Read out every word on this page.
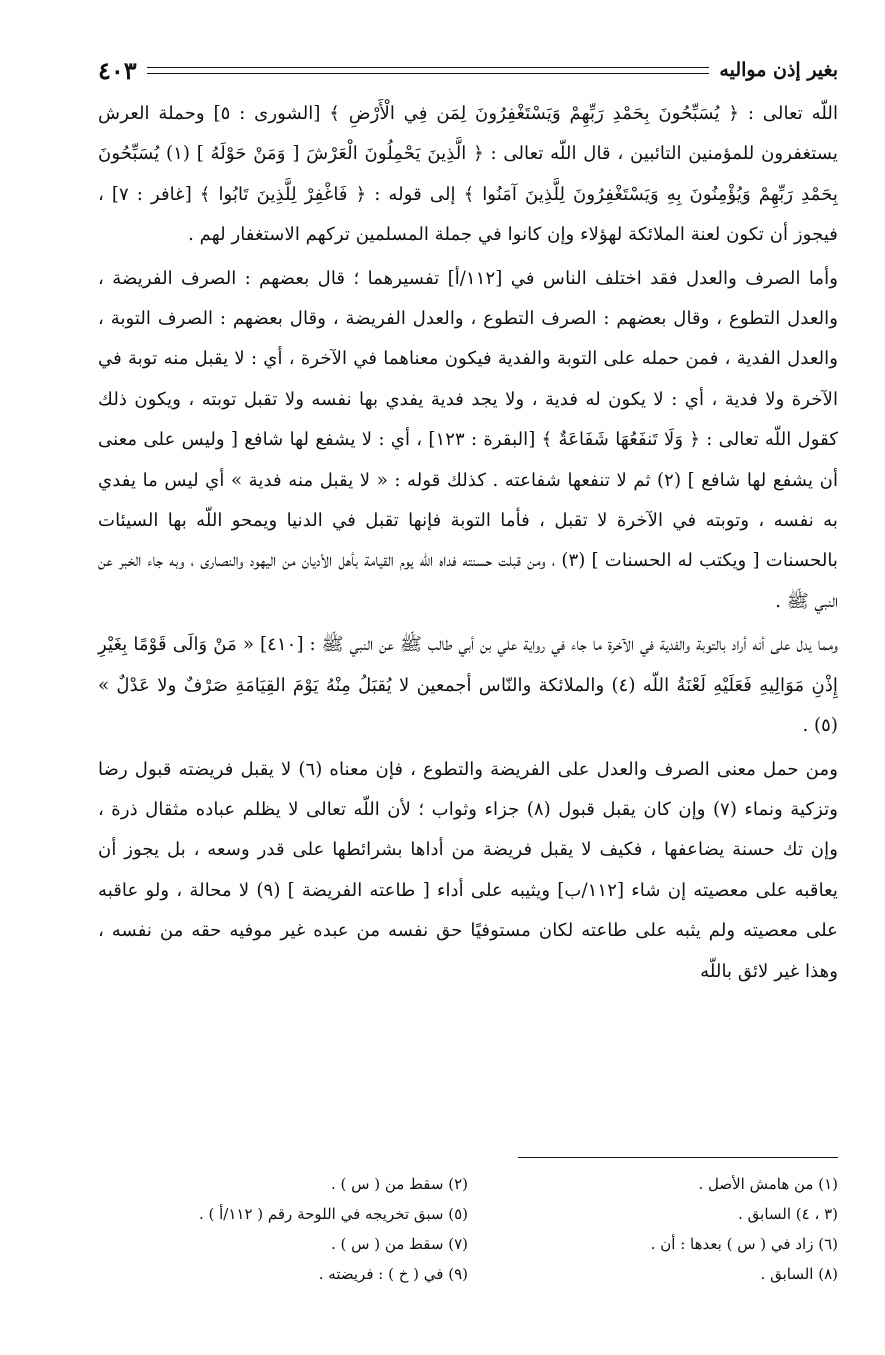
بغير إذن مواليه
٤٠٣

اللّه تعالى : ﴿ يُسَبِّحُونَ بِحَمْدِ رَبِّهِمْ وَيَسْتَغْفِرُونَ لِمَن فِي الْأَرْضِ ﴾ [الشورى : ٥] وحملة العرش يستغفرون للمؤمنين التائبين ، قال اللّه تعالى : ﴿ الَّذِينَ يَحْمِلُونَ الْعَرْشَ [ وَمَنْ حَوْلَهُ ] (١) يُسَبِّحُونَ بِحَمْدِ رَبِّهِمْ وَيُؤْمِنُونَ بِهِ وَيَسْتَغْفِرُونَ لِلَّذِينَ آمَنُوا ﴾ إلى قوله : ﴿ فَاغْفِرْ لِلَّذِينَ تَابُوا ﴾ [غافر : ٧] ، فيجوز أن تكون لعنة الملائكة لهؤلاء وإن كانوا في جملة المسلمين تركهم الاستغفار لهم .

وأما الصرف والعدل فقد اختلف الناس في [١١٢/أ] تفسيرهما ؛ قال بعضهم : الصرف الفريضة ، والعدل التطوع ، وقال بعضهم : الصرف التطوع ، والعدل الفريضة ، وقال بعضهم : الصرف التوبة ، والعدل الفدية ، فمن حمله على التوبة والفدية فيكون معناهما في الآخرة ، أي : لا يقبل منه توبة في الآخرة ولا فدية ، أي : لا يكون له فدية ، ولا يجد فدية يفدي بها نفسه ولا تقبل توبته ، ويكون ذلك كقول اللّه تعالى : ﴿ وَلَا تَنفَعُهَا شَفَاعَةٌ ﴾ [البقرة : ١٢٣] ، أي : لا يشفع لها شافع [ وليس على معنى أن يشفع لها شافع ] (٢) ثم لا تنفعها شفاعته . كذلك قوله : « لا يقبل منه فدية » أي ليس ما يفدي به نفسه ، وتوبته في الآخرة لا تقبل ، فأما التوبة فإنها تقبل في الدنيا ويمحو اللّه بها السيئات بالحسنات [ ويكتب له الحسنات ] (٣) ، ومن قبلت حسنته فداه اللّه يوم القيامة بأهل الأديان من اليهود والنصارى ، وبه جاء الخبر عن النبي ﷺ .

ومما يدل على أنه أراد بالتوبة والفدية في الآخرة ما جاء في رواية علي بن أبي طالب ﷺ عن النبي ﷺ : [٤١٠] « مَنْ وَالَى قَوْمًا بِغَيْرِ إِذْنِ مَوَالِيهِ فَعَلَيْهِ لَعْنَةُ اللّه (٤) والملائكة والنّاس أجمعين لا يُقبَلُ مِنْهُ يَوْمَ القِيَامَةِ صَرْفٌ ولا عَدْلٌ » (٥) .

ومن حمل معنى الصرف والعدل على الفريضة والتطوع ، فإن معناه (٦) لا يقبل فريضته قبول رضا وتزكية ونماء (٧) وإن كان يقبل قبول (٨) جزاء وثواب ؛ لأن اللّه تعالى لا يظلم عباده مثقال ذرة ، وإن تك حسنة يضاعفها ، فكيف لا يقبل فريضة من أداها بشرائطها على قدر وسعه ، بل يجوز أن يعاقبه على معصيته إن شاء [١١٢/ب] ويثيبه على أداء [ طاعته الفريضة ] (٩) لا محالة ، ولو عاقبه على معصيته ولم يثبه على طاعته لكان مستوفيًا حق نفسه من عبده غير موفيه حقه من نفسه ، وهذا غير لائق باللّه

(١) من هامش الأصل .
(٢) سقط من ( س ) .
(٣ ، ٤) السابق .
(٥) سبق تخريجه في اللوحة رقم ( ١١٢/أ ) .
(٦) زاد في ( س ) بعدها : أن .
(٧) سقط من ( س ) .
(٨) السابق .
(٩) في ( خ ) : فريضته .
